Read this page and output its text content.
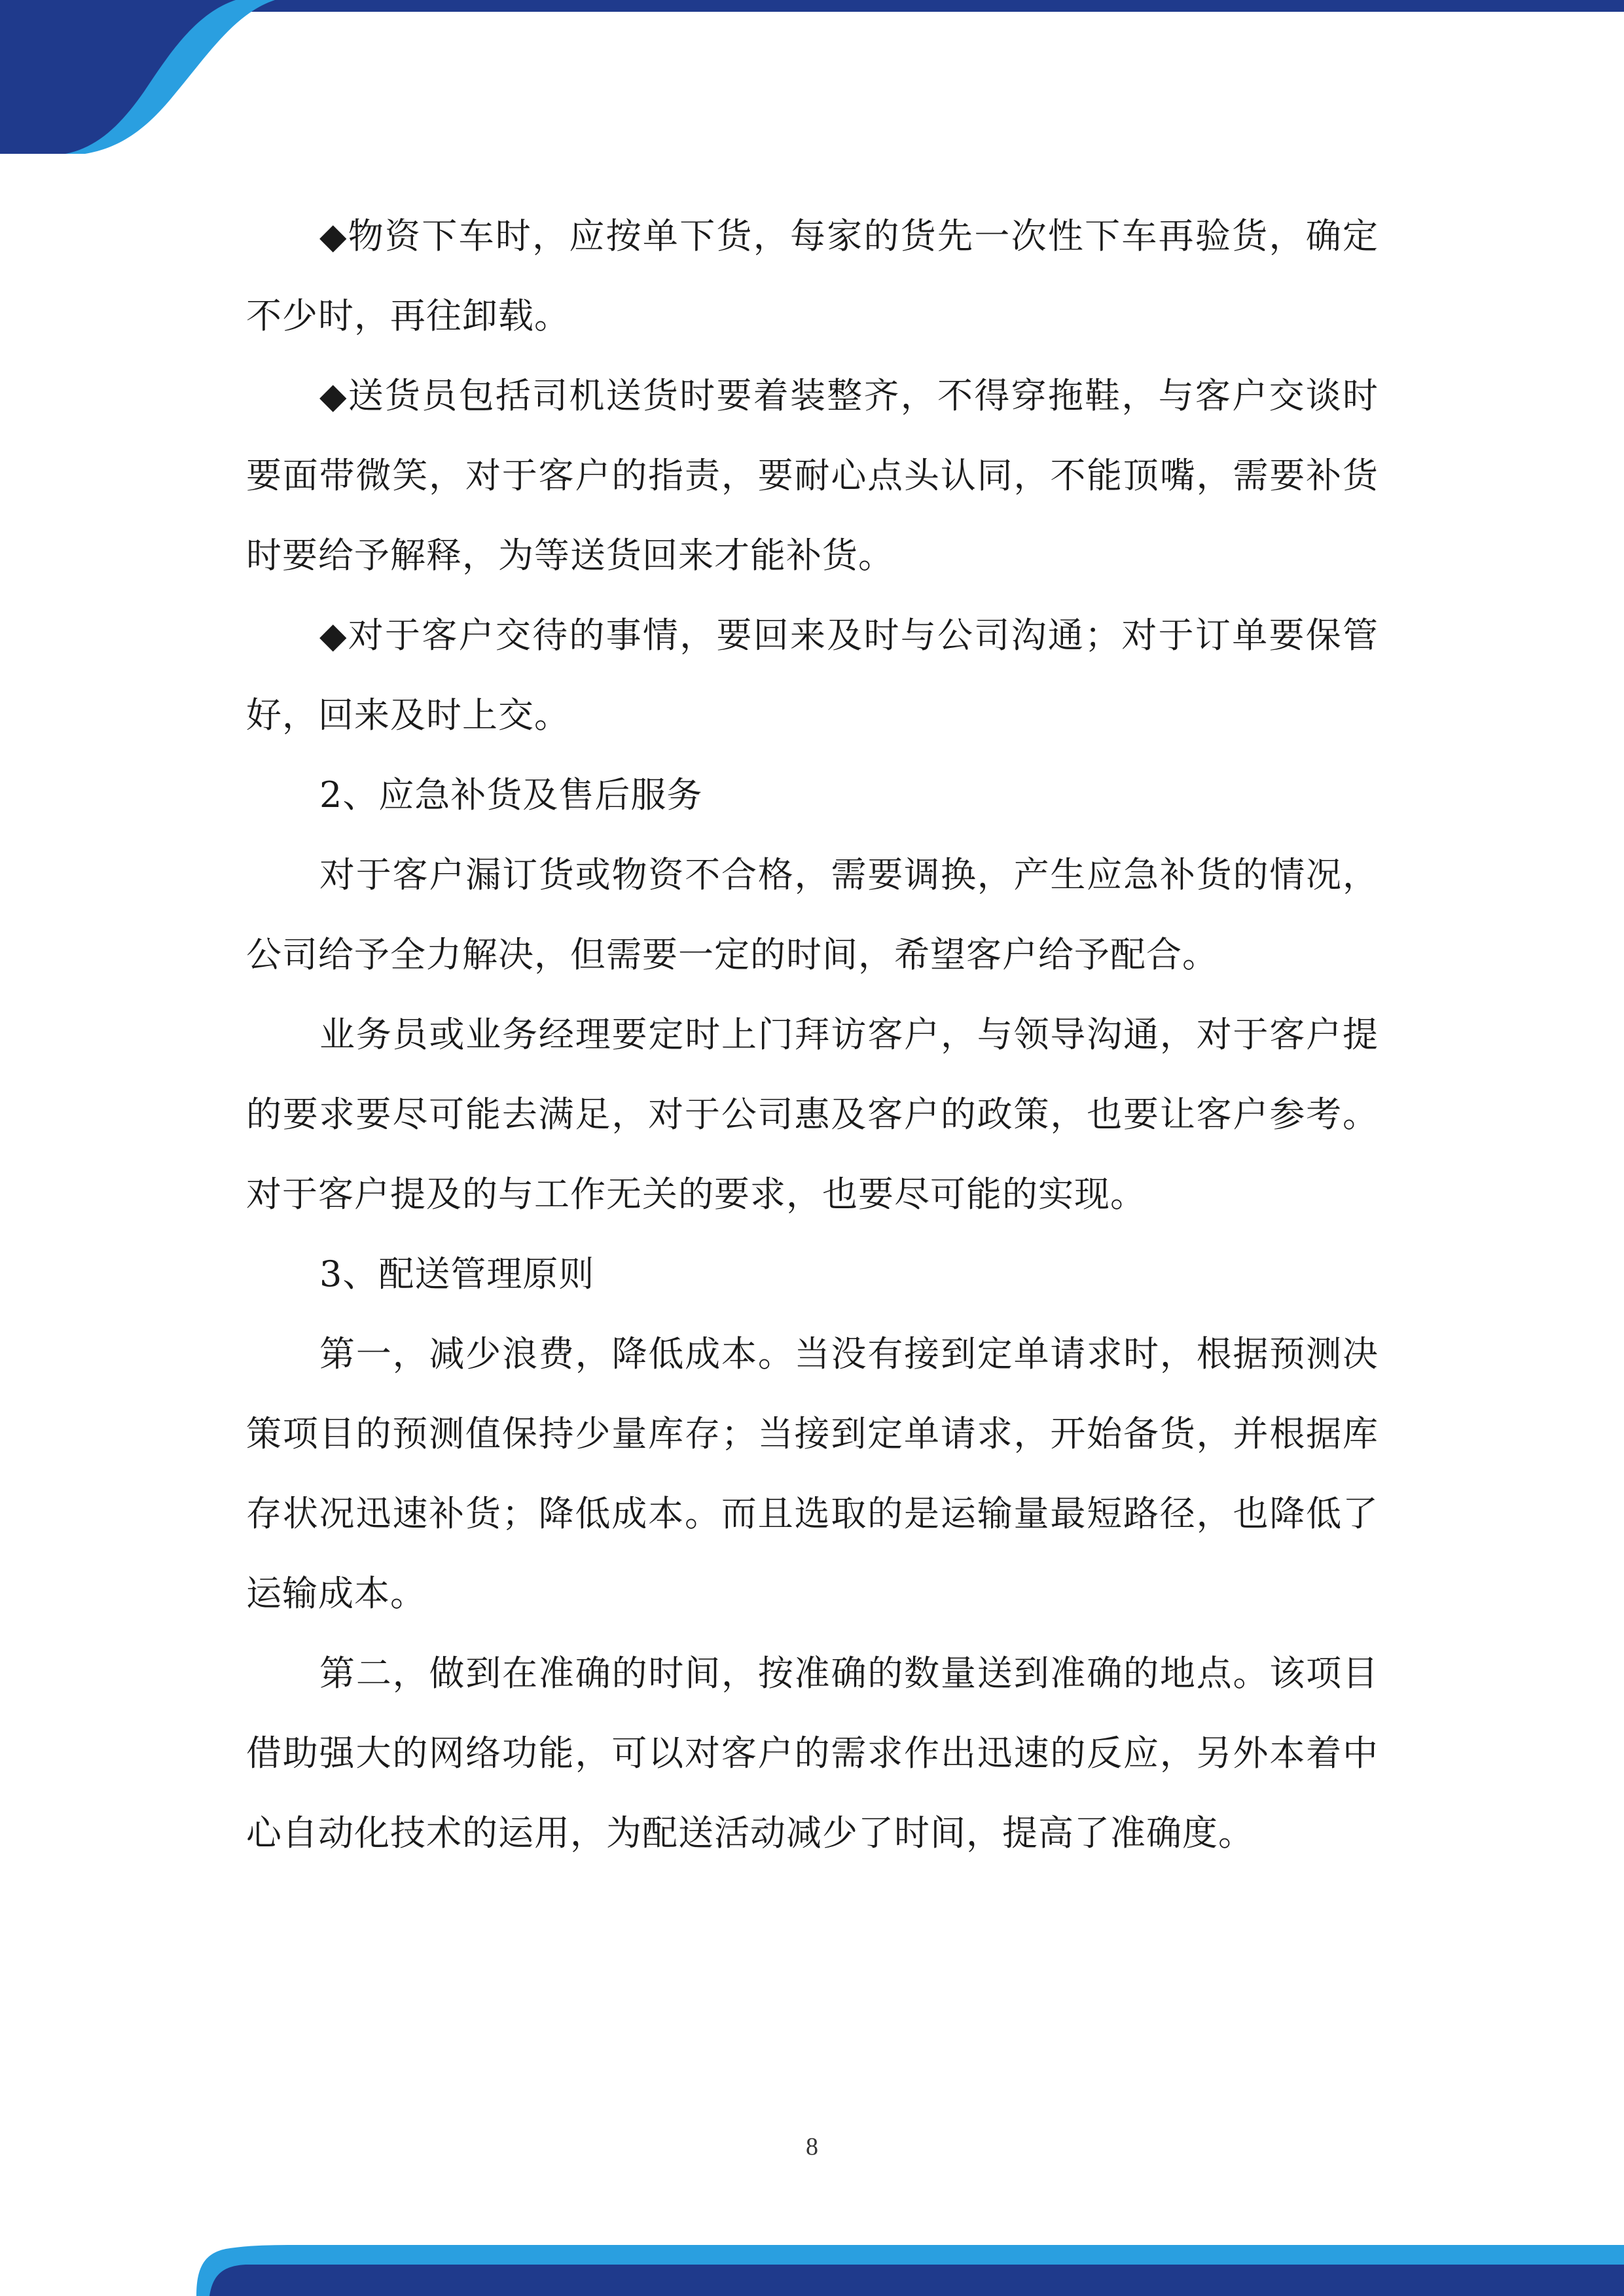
◆物资下车时，应按单下货，每家的货先一次性下车再验货，确定不少时，再往卸载。

◆送货员包括司机送货时要着装整齐，不得穿拖鞋，与客户交谈时要面带微笑，对于客户的指责，要耐心点头认同，不能顶嘴，需要补货时要给予解释，为等送货回来才能补货。

◆对于客户交待的事情，要回来及时与公司沟通；对于订单要保管好，回来及时上交。

2、应急补货及售后服务

对于客户漏订货或物资不合格，需要调换，产生应急补货的情况，公司给予全力解决，但需要一定的时间，希望客户给予配合。

业务员或业务经理要定时上门拜访客户，与领导沟通，对于客户提的要求要尽可能去满足，对于公司惠及客户的政策，也要让客户参考。对于客户提及的与工作无关的要求，也要尽可能的实现。

3、配送管理原则

第一，减少浪费，降低成本。当没有接到定单请求时，根据预测决策项目的预测值保持少量库存；当接到定单请求，开始备货，并根据库存状况迅速补货；降低成本。而且选取的是运输量最短路径，也降低了运输成本。

第二，做到在准确的时间，按准确的数量送到准确的地点。该项目借助强大的网络功能，可以对客户的需求作出迅速的反应，另外本着中心自动化技术的运用，为配送活动减少了时间，提高了准确度。

8
